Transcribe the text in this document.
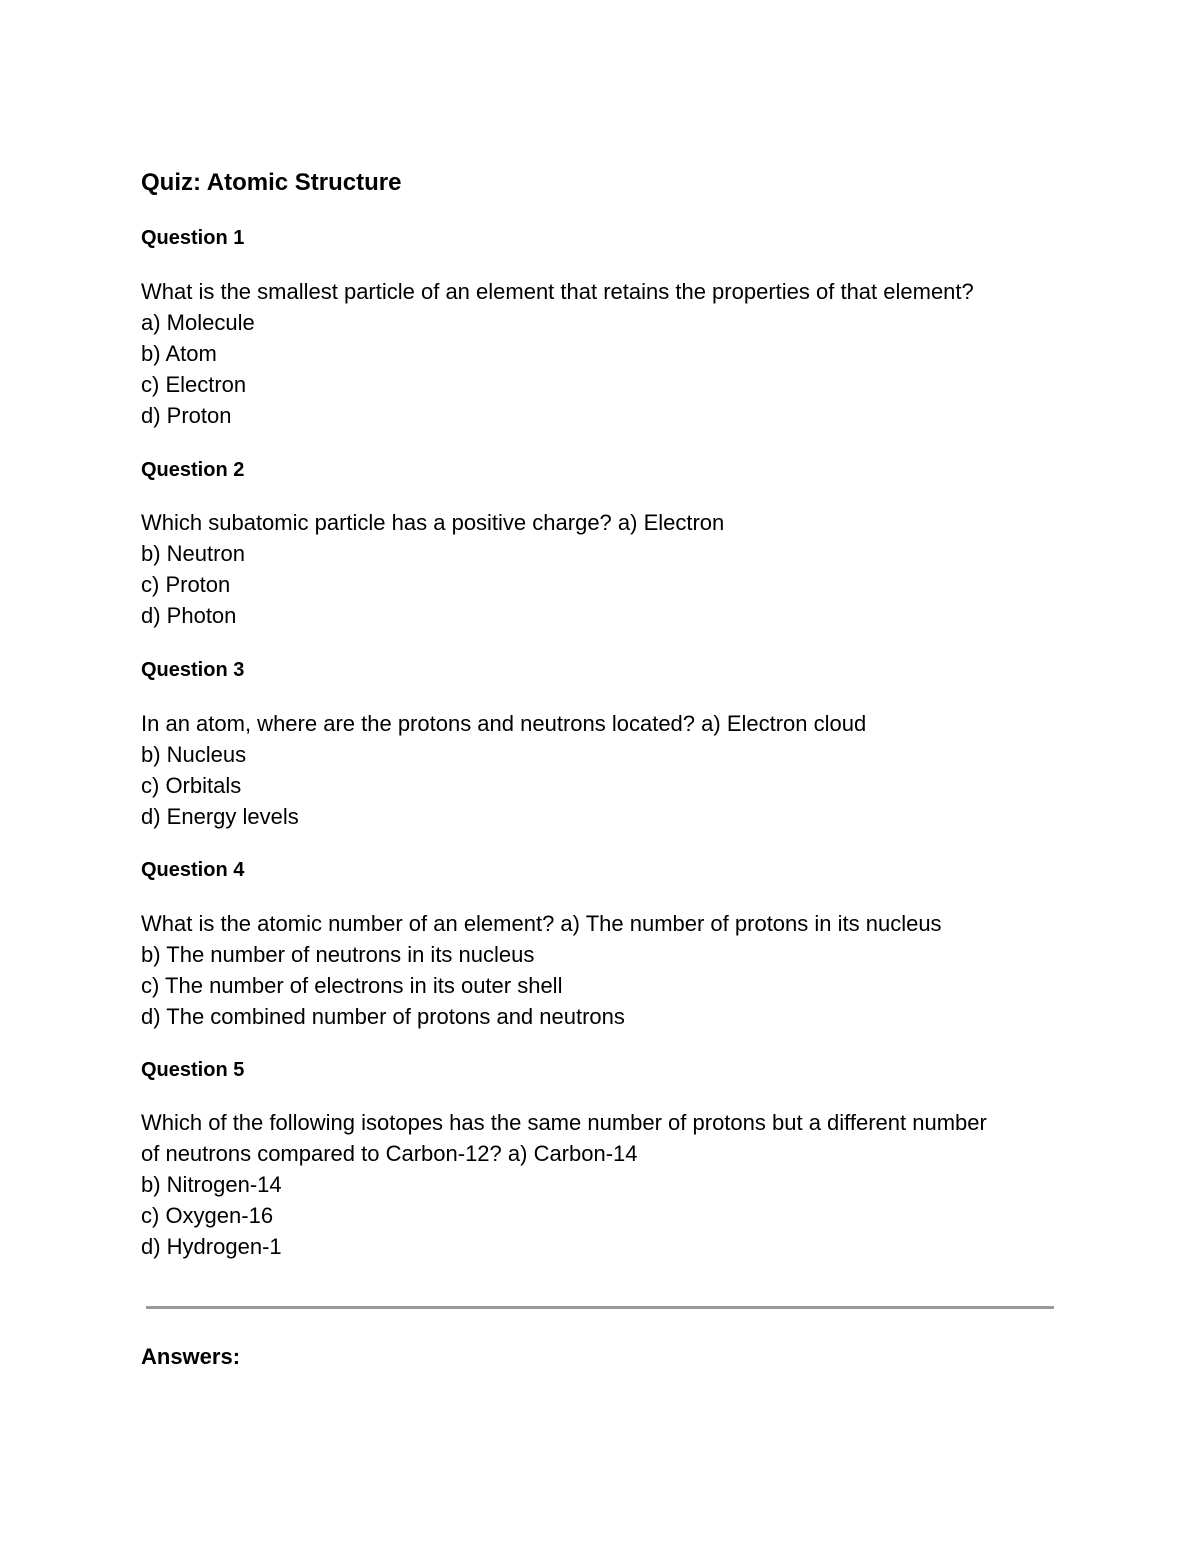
Quiz: Atomic Structure
Question 1
What is the smallest particle of an element that retains the properties of that element?
a) Molecule
b) Atom
c) Electron
d) Proton
Question 2
Which subatomic particle has a positive charge? a) Electron
b) Neutron
c) Proton
d) Photon
Question 3
In an atom, where are the protons and neutrons located? a) Electron cloud
b) Nucleus
c) Orbitals
d) Energy levels
Question 4
What is the atomic number of an element? a) The number of protons in its nucleus
b) The number of neutrons in its nucleus
c) The number of electrons in its outer shell
d) The combined number of protons and neutrons
Question 5
Which of the following isotopes has the same number of protons but a different number
of neutrons compared to Carbon-12? a) Carbon-14
b) Nitrogen-14
c) Oxygen-16
d) Hydrogen-1
Answers:
